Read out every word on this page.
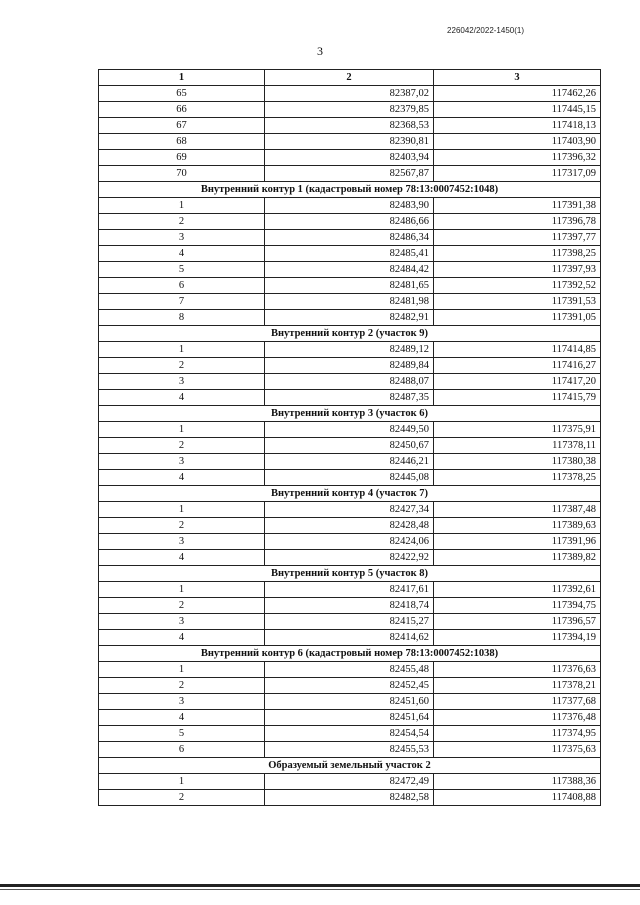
226042/2022-1450(1)
3
1	2	3
65	82387,02	117462,26
66	82379,85	117445,15
67	82368,53	117418,13
68	82390,81	117403,90
69	82403,94	117396,32
70	82567,87	117317,09
Внутренний контур 1 (кадастровый номер 78:13:0007452:1048)		
1	82483,90	117391,38
2	82486,66	117396,78
3	82486,34	117397,77
4	82485,41	117398,25
5	82484,42	117397,93
6	82481,65	117392,52
7	82481,98	117391,53
8	82482,91	117391,05
Внутренний контур 2 (участок 9)		
1	82489,12	117414,85
2	82489,84	117416,27
3	82488,07	117417,20
4	82487,35	117415,79
Внутренний контур 3 (участок 6)		
1	82449,50	117375,91
2	82450,67	117378,11
3	82446,21	117380,38
4	82445,08	117378,25
Внутренний контур 4 (участок 7)		
1	82427,34	117387,48
2	82428,48	117389,63
3	82424,06	117391,96
4	82422,92	117389,82
Внутренний контур 5 (участок 8)		
1	82417,61	117392,61
2	82418,74	117394,75
3	82415,27	117396,57
4	82414,62	117394,19
Внутренний контур 6 (кадастровый номер 78:13:0007452:1038)		
1	82455,48	117376,63
2	82452,45	117378,21
3	82451,60	117377,68
4	82451,64	117376,48
5	82454,54	117374,95
6	82455,53	117375,63
Образуемый земельный участок 2		
1	82472,49	117388,36
2	82482,58	117408,88
